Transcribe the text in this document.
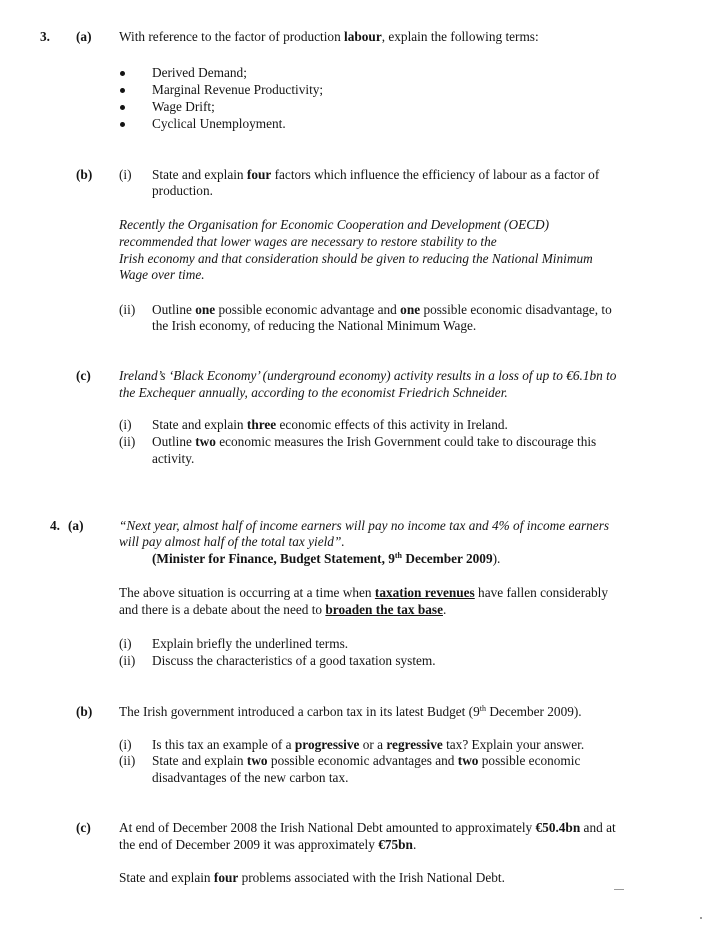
3. (a) With reference to the factor of production labour, explain the following terms:
Derived Demand;
Marginal Revenue Productivity;
Wage Drift;
Cyclical Unemployment.
(b) (i) State and explain four factors which influence the efficiency of labour as a factor of
production.
Recently the Organisation for Economic Cooperation and Development (OECD)
recommended that lower wages are necessary to restore stability to the
Irish economy and that consideration should be given to reducing the National Minimum
Wage over time.
(ii) Outline one possible economic advantage and one possible economic disadvantage, to
the Irish economy, of reducing the National Minimum Wage.
(c) Ireland’s ‘Black Economy’ (underground economy) activity results in a loss of up to €6.1bn to
the Exchequer annually, according to the economist Friedrich Schneider.
(i) State and explain three economic effects of this activity in Ireland.
(ii) Outline two economic measures the Irish Government could take to discourage this
activity.
4. (a)	“Next year, almost half of income earners will pay no income tax and 4% of income earners
will pay almost half of the total tax yield”.
(Minister for Finance, Budget Statement, 9th December 2009).
The above situation is occurring at a time when taxation revenues have fallen considerably
and there is a debate about the need to broaden the tax base.
(i) Explain briefly the underlined terms.
(ii) Discuss the characteristics of a good taxation system.
(b) The Irish government introduced a carbon tax in its latest Budget (9th December 2009).
(i) Is this tax an example of a progressive or a regressive tax? Explain your answer.
(ii) State and explain two possible economic advantages and two possible economic
disadvantages of the new carbon tax.
(c) At end of December 2008 the Irish National Debt amounted to approximately €50.4bn and at
the end of December 2009 it was approximately €75bn.
State and explain four problems associated with the Irish National Debt.
